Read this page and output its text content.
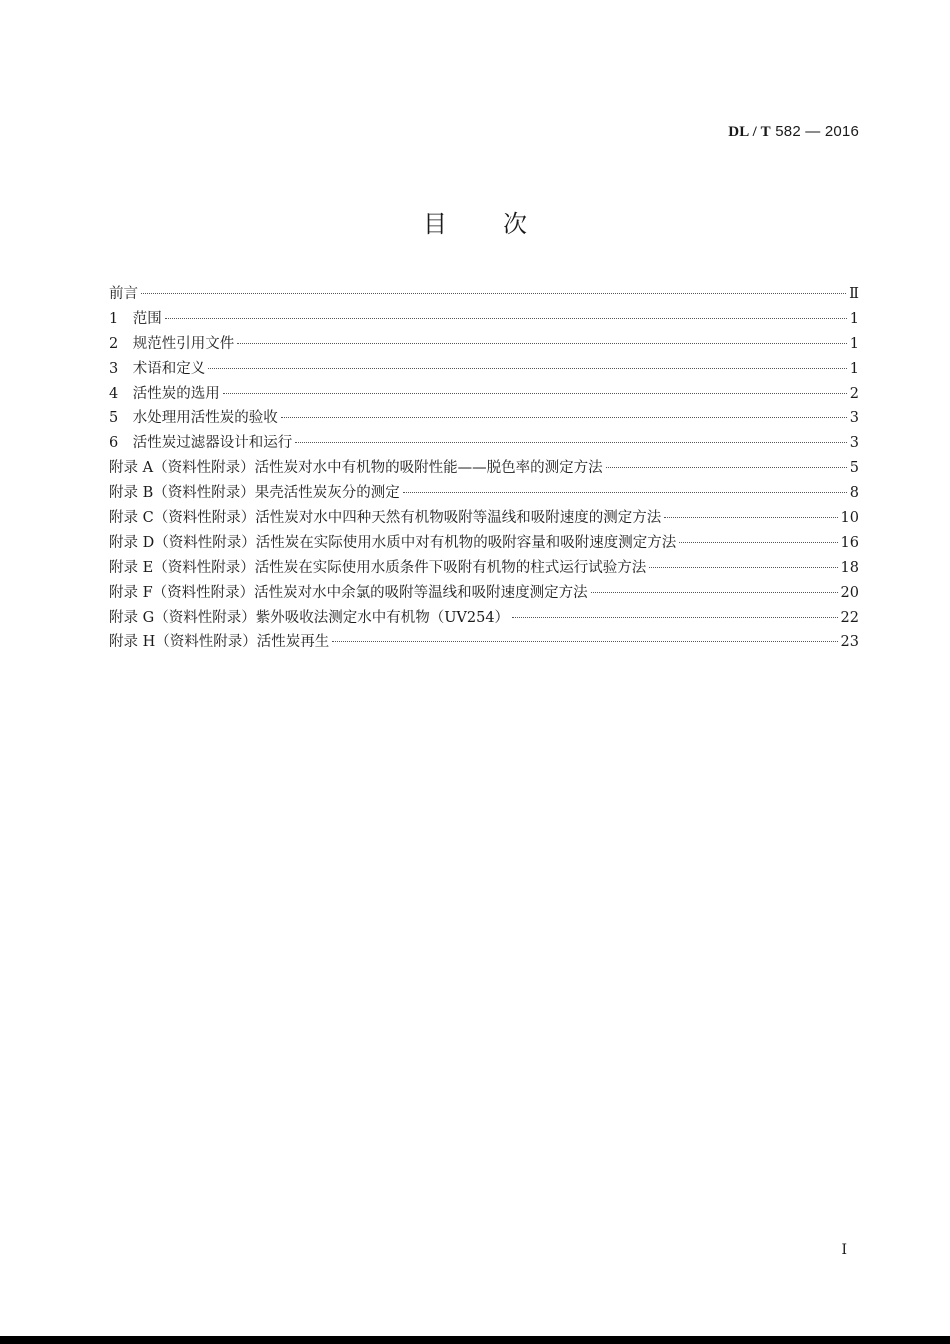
DL / T 582 — 2016
目次
前言	Ⅱ
1　范围	1
2　规范性引用文件	1
3　术语和定义	1
4　活性炭的选用	2
5　水处理用活性炭的验收	3
6　活性炭过滤器设计和运行	3
附录 A（资料性附录）活性炭对水中有机物的吸附性能——脱色率的测定方法	5
附录 B（资料性附录）果壳活性炭灰分的测定	8
附录 C（资料性附录）活性炭对水中四种天然有机物吸附等温线和吸附速度的测定方法	10
附录 D（资料性附录）活性炭在实际使用水质中对有机物的吸附容量和吸附速度测定方法	16
附录 E（资料性附录）活性炭在实际使用水质条件下吸附有机物的柱式运行试验方法	18
附录 F（资料性附录）活性炭对水中余氯的吸附等温线和吸附速度测定方法	20
附录 G（资料性附录）紫外吸收法测定水中有机物（UV254）	22
附录 H（资料性附录）活性炭再生	23
I
